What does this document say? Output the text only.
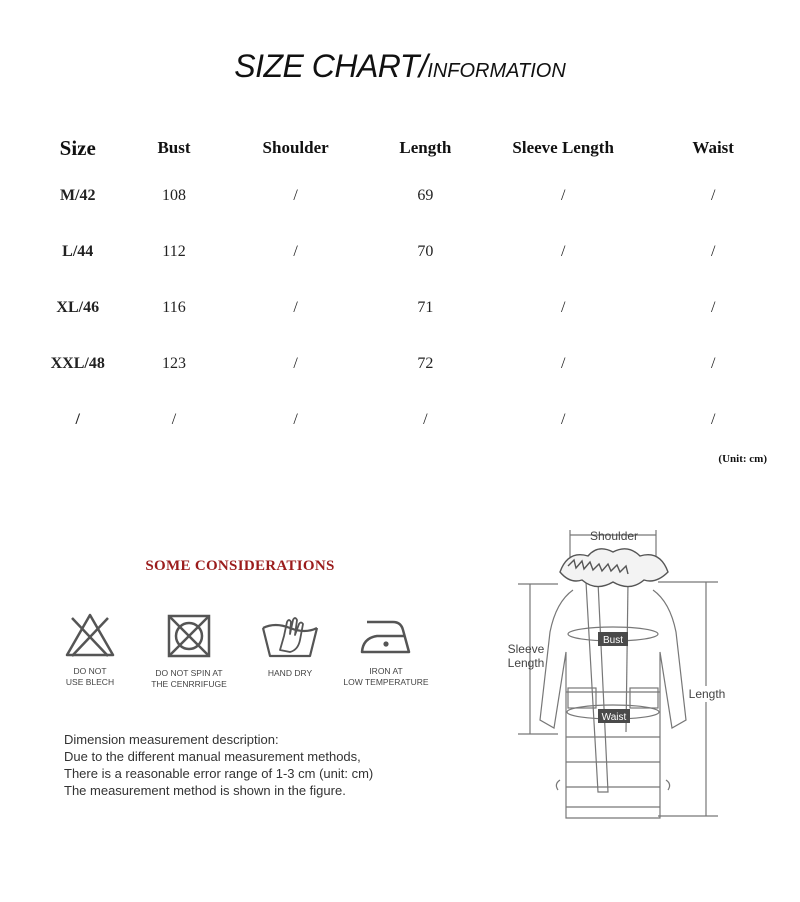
SIZE CHART/INFORMATION
Size	Bust	Shoulder	Length	Sleeve Length	Waist
M/42	108	/	69	/	/
L/44	112	/	70	/	/
XL/46	116	/	71	/	/
XXL/48	123	/	72	/	/
/	/	/	/	/	/
(Unit: cm)
SOME CONSIDERATIONS
DO NOT
USE BLECH
DO NOT SPIN AT
THE CENRRIFUGE
HAND DRY	IRON AT
LOW TEMPERATURE
Dimension measurement description:
Due to the different manual measurement methods,
There is a reasonable error range of 1-3 cm (unit: cm)
The measurement method is shown in the figure.
Shoulder
Bust
Waist
Sleeve
Length
Length
